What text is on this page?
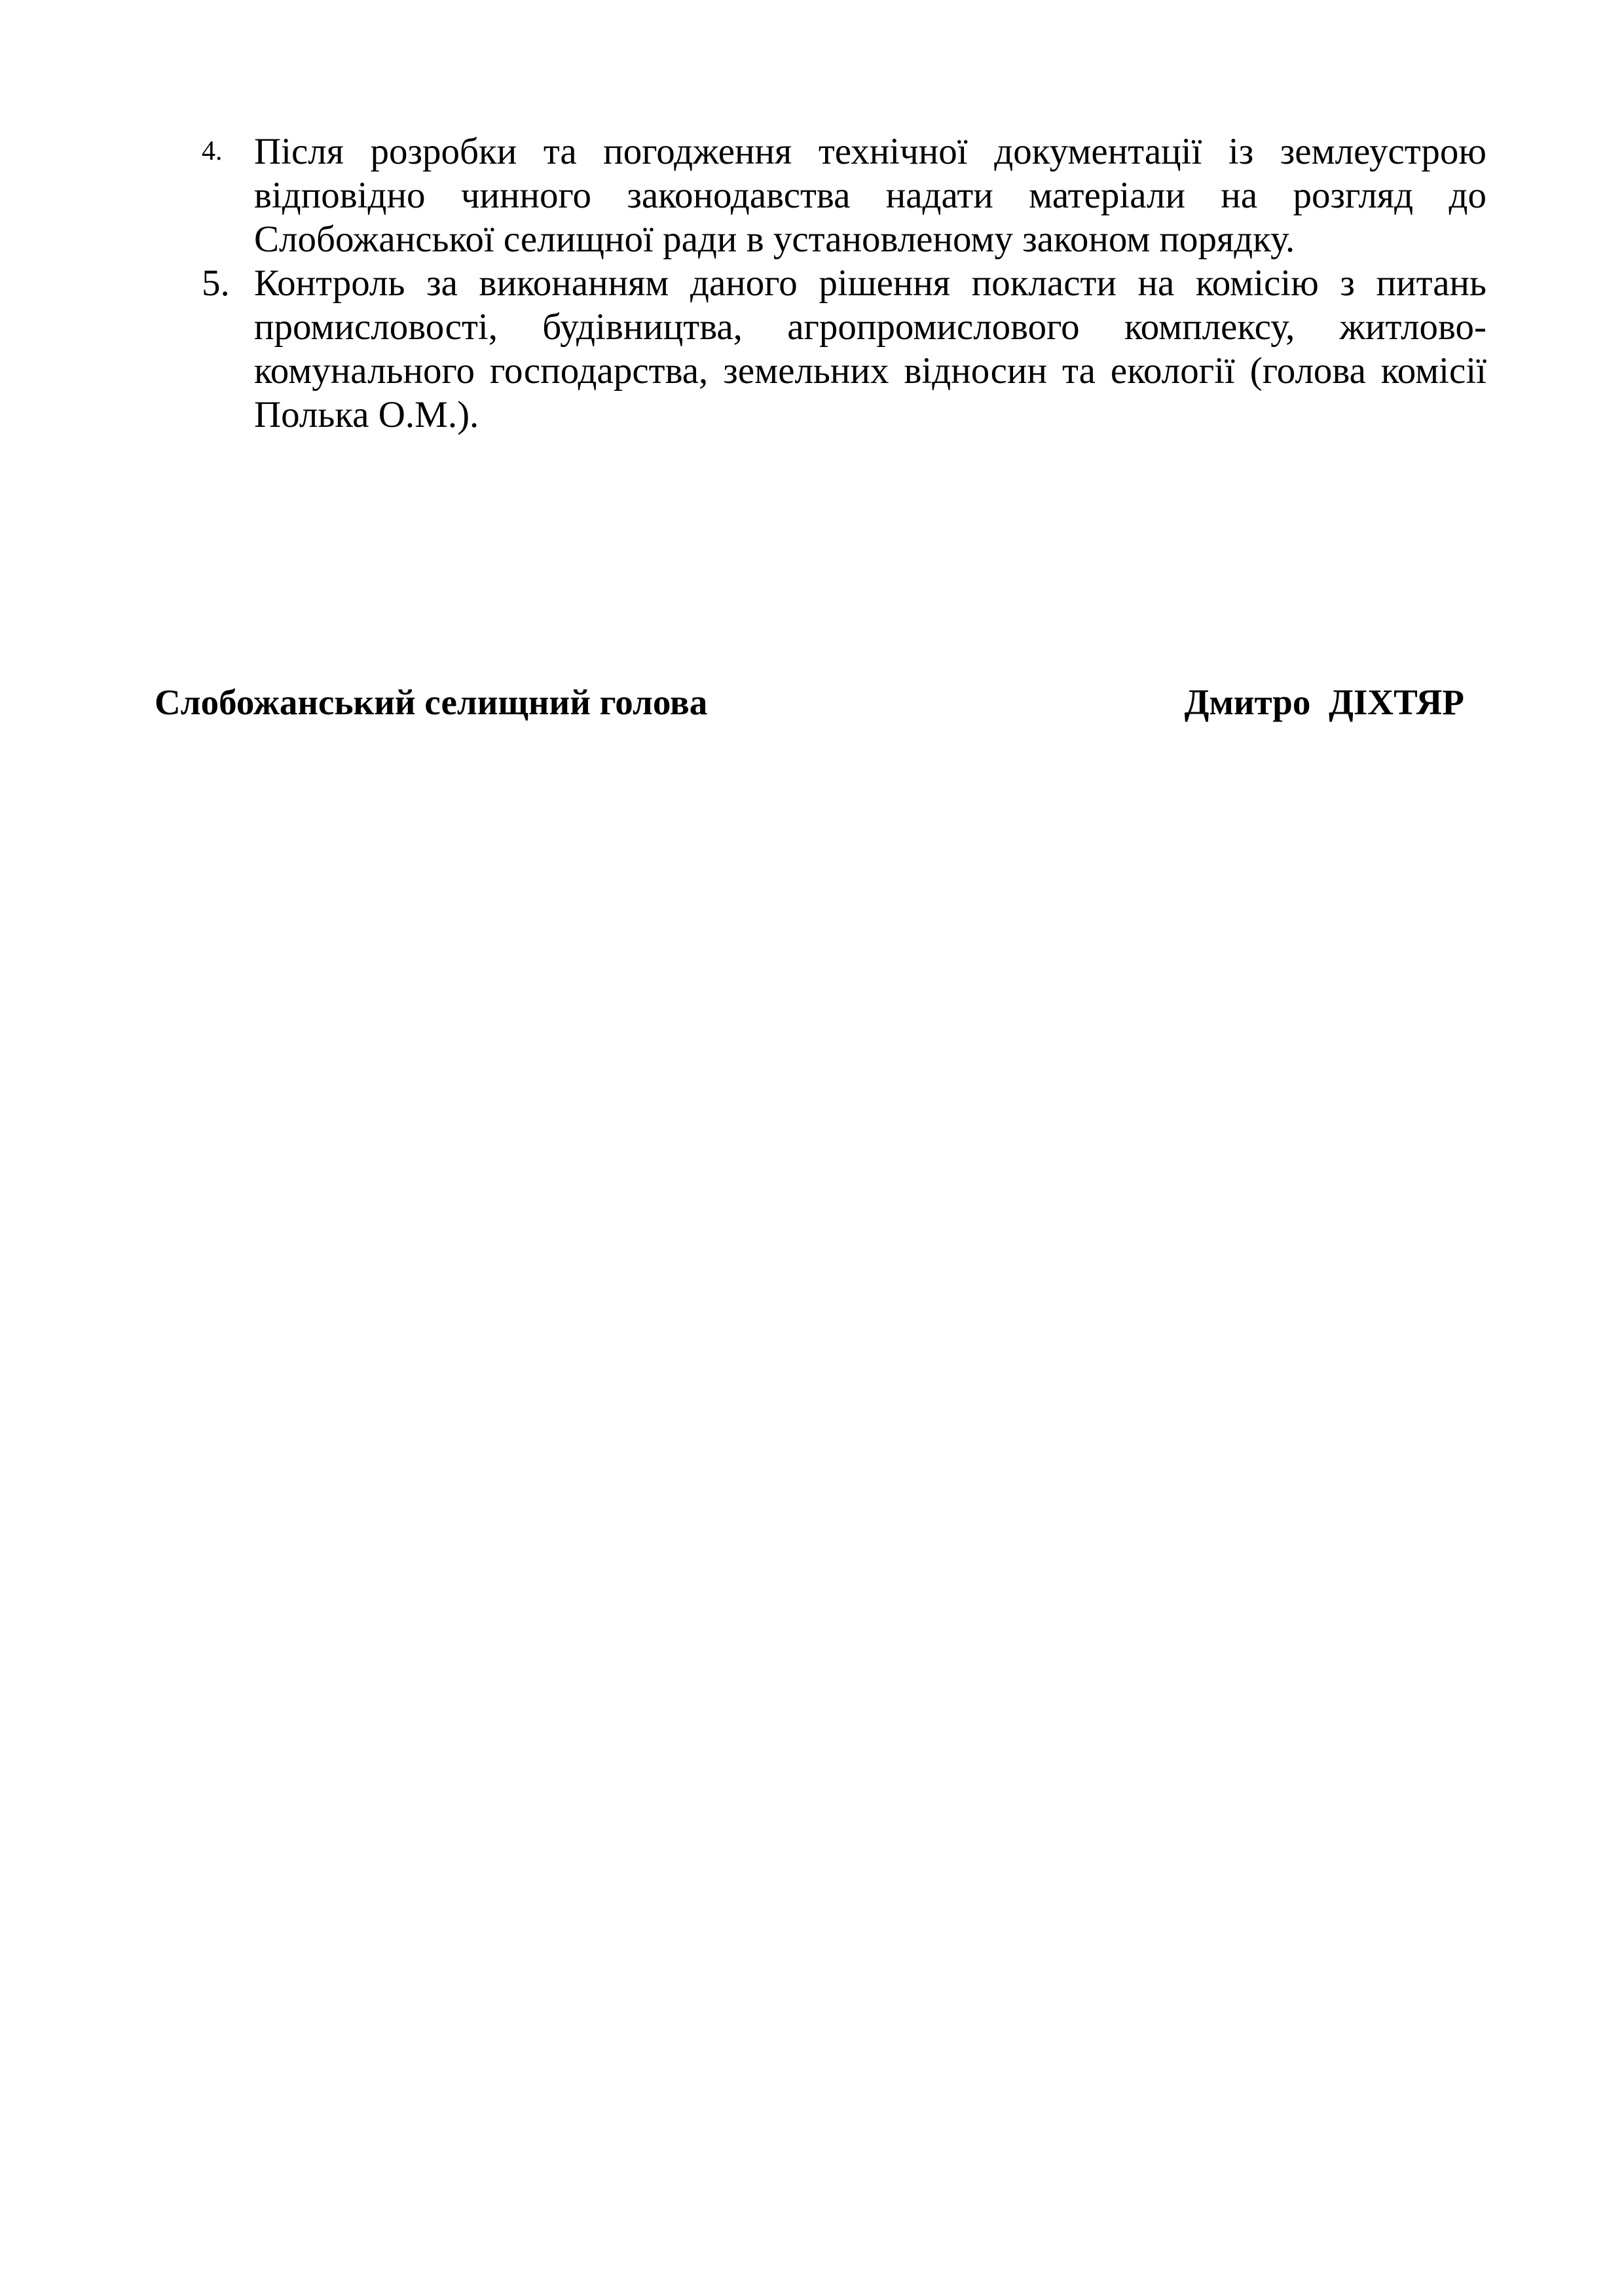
4. Після розробки та погодження технічної документації із землеустрою відповідно чинного законодавства надати матеріали на розгляд до Слобожанської селищної ради в установленому законом порядку.
5. Контроль за виконанням даного рішення покласти на комісію з питань промисловості, будівництва, агропромислового комплексу, житлово-комунального господарства, земельних відносин та екології (голова комісії Полька О.М.).
Слобожанський селищний голова	Дмитро ДІХТЯР
